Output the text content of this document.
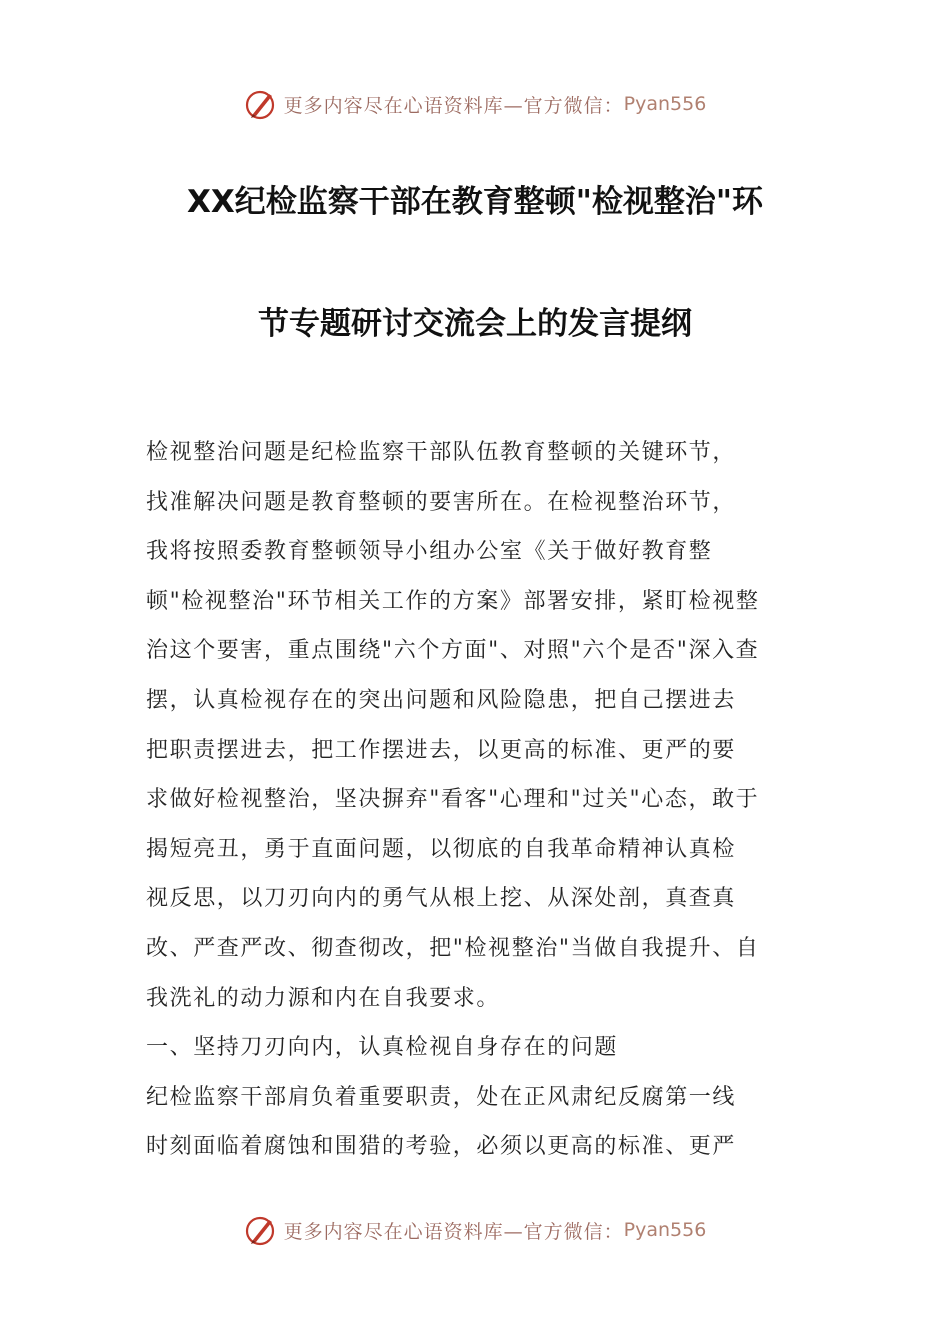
更多内容尽在心语资料库—官方微信： Pyan556
XX纪检监察干部在教育整顿"检视整治"环
节专题研讨交流会上的发言提纲
检视整治问题是纪检监察干部队伍教育整顿的关键环节，
找准解决问题是教育整顿的要害所在。在检视整治环节，
我将按照委教育整顿领导小组办公室《关于做好教育整
顿"检视整治"环节相关工作的方案》部署安排，紧盯检视整
治这个要害，重点围绕"六个方面"、对照"六个是否"深入查
摆，认真检视存在的突出问题和风险隐患，把自己摆进去
把职责摆进去，把工作摆进去，以更高的标准、更严的要
求做好检视整治，坚决摒弃"看客"心理和"过关"心态，敢于
揭短亮丑，勇于直面问题，以彻底的自我革命精神认真检
视反思，以刀刃向内的勇气从根上挖、从深处剖，真查真
改、严查严改、彻查彻改，把"检视整治"当做自我提升、自
我洗礼的动力源和内在自我要求。
一、坚持刀刃向内，认真检视自身存在的问题
纪检监察干部肩负着重要职责，处在正风肃纪反腐第一线
时刻面临着腐蚀和围猎的考验，必须以更高的标准、更严
更多内容尽在心语资料库—官方微信： Pyan556
